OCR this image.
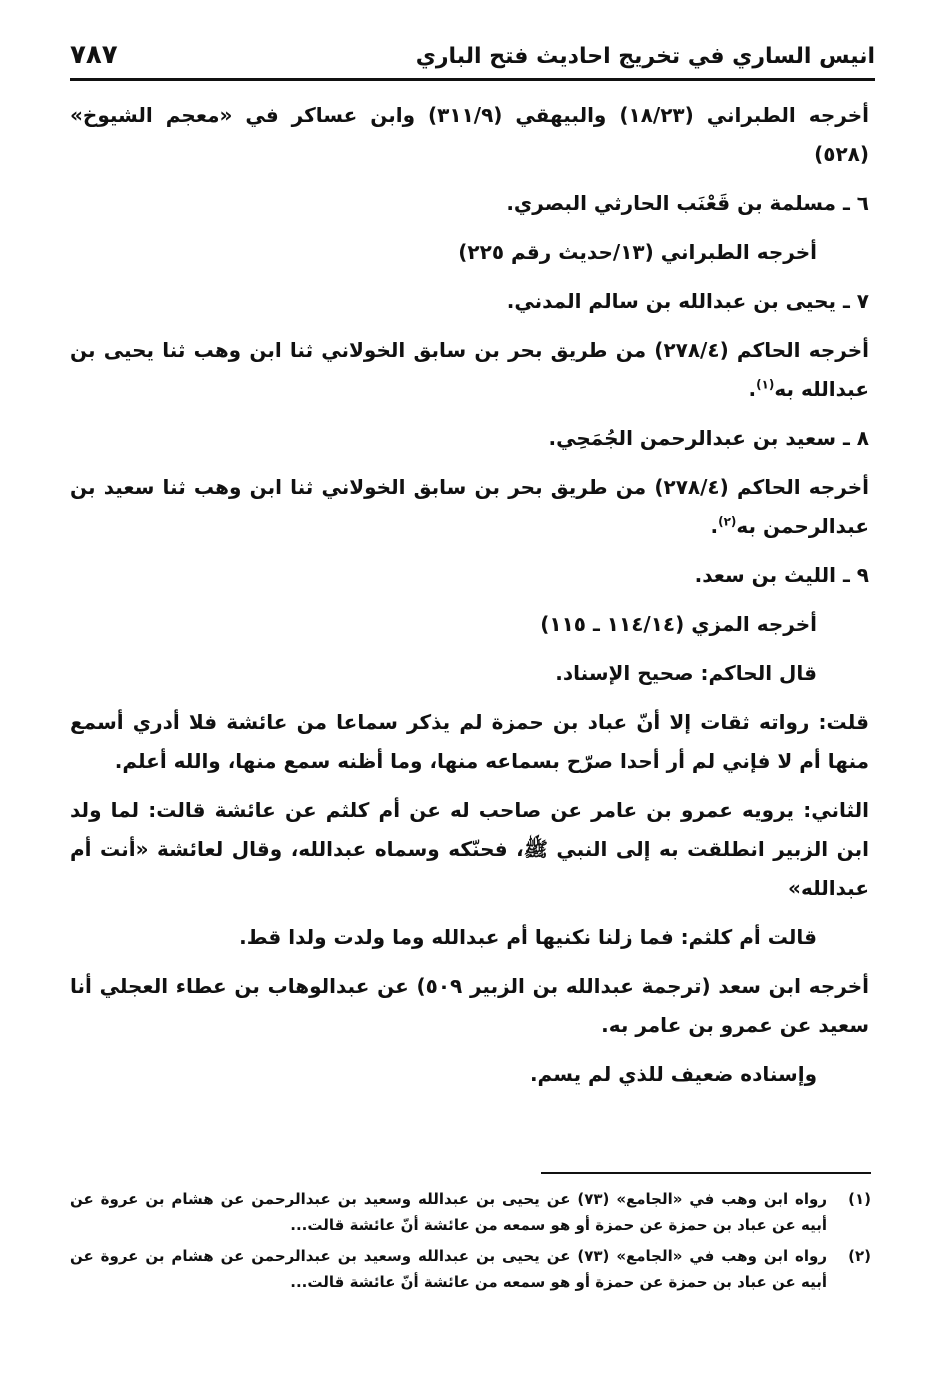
انيس الساري في تخريج احاديث فتح الباري
٧٨٧

أخرجه الطبراني (١٨/٢٣) والبيهقي (٣١١/٩) وابن عساكر في «معجم الشيوخ» (٥٢٨)

٦ ـ مسلمة بن قَعْنَب الحارثي البصري.

أخرجه الطبراني (١٣/حديث رقم ٢٢٥)

٧ ـ يحيى بن عبدالله بن سالم المدني.

أخرجه الحاكم (٢٧٨/٤) من طريق بحر بن سابق الخولاني ثنا ابن وهب ثنا يحيى بن عبدالله به$^{(١)}$.

٨ ـ سعيد بن عبدالرحمن الجُمَحِي.

أخرجه الحاكم (٢٧٨/٤) من طريق بحر بن سابق الخولاني ثنا ابن وهب ثنا سعيد بن عبدالرحمن به$^{(٢)}$.

٩ ـ الليث بن سعد.

أخرجه المزي (١١٤/١٤ ـ ١١٥)

قال الحاكم: صحيح الإسناد.

قلت: رواته ثقات إلا أنّ عباد بن حمزة لم يذكر سماعا من عائشة فلا أدري أسمع منها أم لا فإني لم أر أحدا صرّح بسماعه منها، وما أظنه سمع منها، والله أعلم.

الثاني: يرويه عمرو بن عامر عن صاحب له عن أم كلثم عن عائشة قالت: لما ولد ابن الزبير انطلقت به إلى النبي ﷺ، فحنّكه وسماه عبدالله، وقال لعائشة «أنت أم عبدالله»

قالت أم كلثم: فما زلنا نكنيها أم عبدالله وما ولدت ولدا قط.

أخرجه ابن سعد (ترجمة عبدالله بن الزبير ٥٠٩) عن عبدالوهاب بن عطاء العجلي أنا سعيد عن عمرو بن عامر به.

وإسناده ضعيف للذي لم يسم.

(١)
رواه ابن وهب في «الجامع» (٧٣) عن يحيى بن عبدالله وسعيد بن عبدالرحمن عن هشام بن عروة عن أبيه عن عباد بن حمزة عن حمزة أو هو سمعه من عائشة أنّ عائشة قالت...
(٢)
رواه ابن وهب في «الجامع» (٧٣) عن يحيى بن عبدالله وسعيد بن عبدالرحمن عن هشام بن عروة عن أبيه عن عباد بن حمزة عن حمزة أو هو سمعه من عائشة أنّ عائشة قالت...
